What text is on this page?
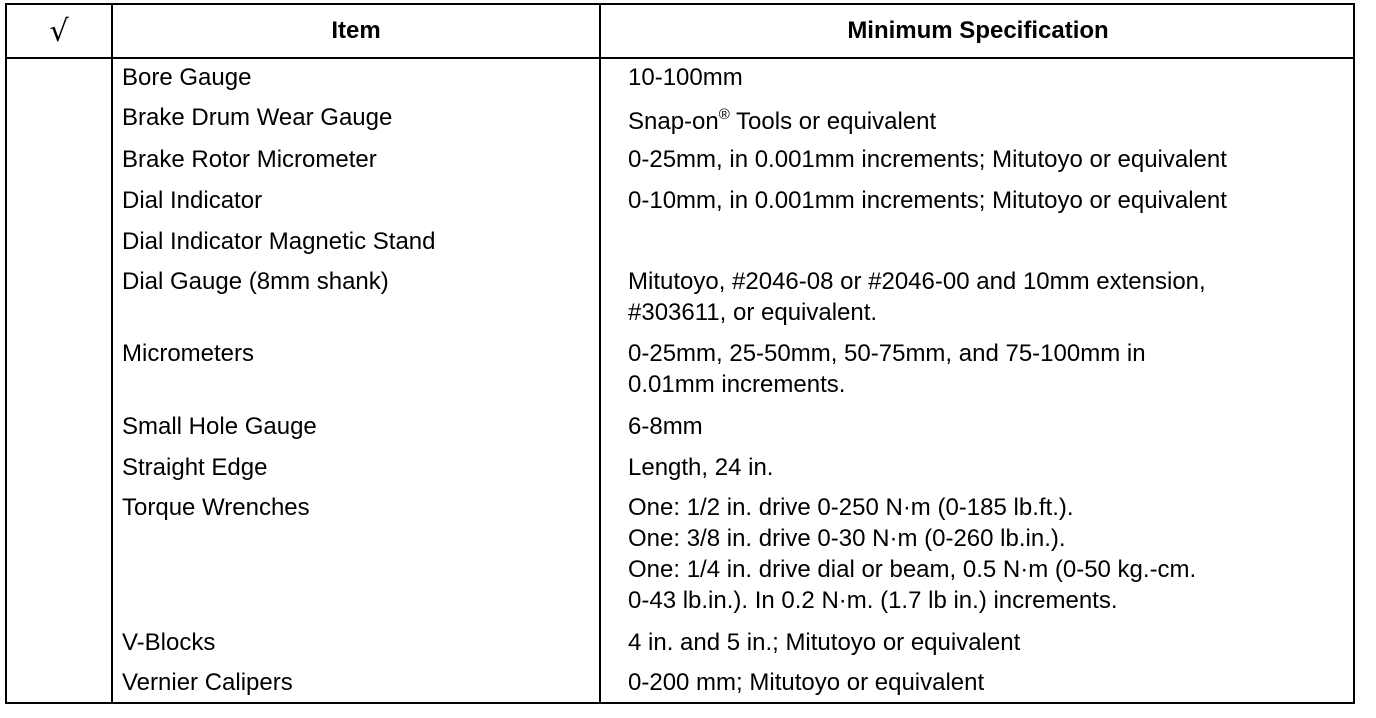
√	Item	Minimum Specification
Bore Gauge	10-100mm
Brake Drum Wear Gauge	Snap-on® Tools or equivalent
Brake Rotor Micrometer	0-25mm, in 0.001mm increments; Mitutoyo or equivalent
Dial Indicator	0-10mm, in 0.001mm increments; Mitutoyo or equivalent
Dial Indicator Magnetic Stand
Dial Gauge (8mm shank)	Mitutoyo, #2046-08 or #2046-00 and 10mm extension,
#303611, or equivalent.
Micrometers	0-25mm, 25-50mm, 50-75mm, and 75-100mm in
0.01mm increments.
Small Hole Gauge	6-8mm
Straight Edge	Length, 24 in.
Torque Wrenches	One: 1/2 in. drive 0-250 N·m (0-185 lb.ft.).
One: 3/8 in. drive 0-30 N·m (0-260 lb.in.).
One: 1/4 in. drive dial or beam, 0.5 N·m (0-50 kg.-cm.
0-43 lb.in.). In 0.2 N·m. (1.7 lb in.) increments.
V-Blocks	4 in. and 5 in.; Mitutoyo or equivalent
Vernier Calipers	0-200 mm; Mitutoyo or equivalent
